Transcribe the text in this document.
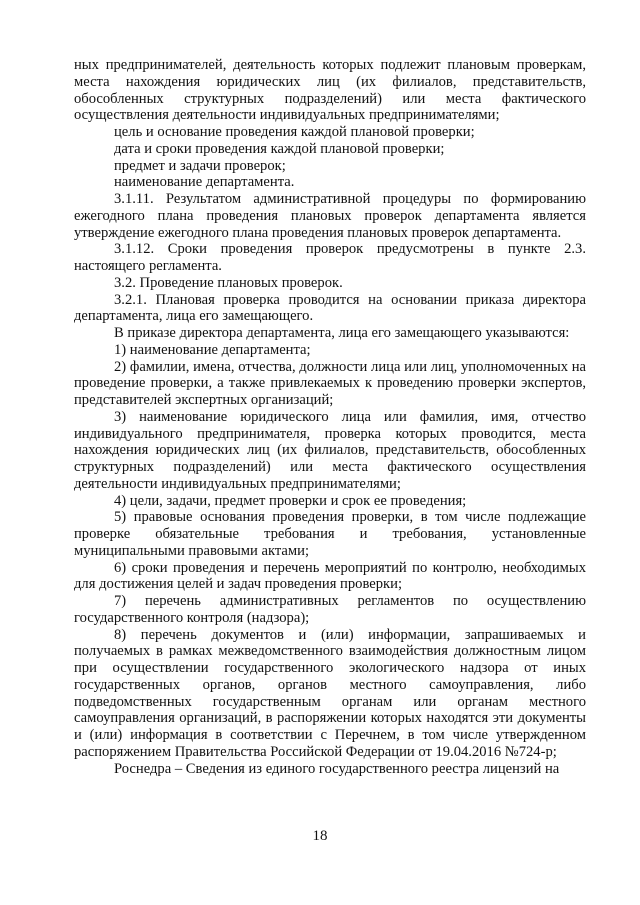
ных предпринимателей, деятельность которых подлежит плановым проверкам, места нахождения юридических лиц (их филиалов, представительств, обособленных структурных подразделений) или места фактического осуществления деятельности индивидуальных предпринимателями;

цель и основание проведения каждой плановой проверки;

дата и сроки проведения каждой плановой проверки;

предмет и задачи проверок;

наименование департамента.

3.1.11. Результатом административной процедуры по формированию ежегодного плана проведения плановых проверок департамента является утверждение ежегодного плана проведения плановых проверок департамента.

3.1.12. Сроки проведения проверок предусмотрены в пункте 2.3. настоящего регламента.

3.2. Проведение плановых проверок.

3.2.1. Плановая проверка проводится на основании приказа директора департамента, лица его замещающего.

В приказе директора департамента, лица его замещающего указываются:

1) наименование департамента;

2) фамилии, имена, отчества, должности лица или лиц, уполномоченных на проведение проверки, а также привлекаемых к проведению проверки экспертов, представителей экспертных организаций;

3) наименование юридического лица или фамилия, имя, отчество индивидуального предпринимателя, проверка которых проводится, места нахождения юридических лиц (их филиалов, представительств, обособленных структурных подразделений) или места фактического осуществления деятельности индивидуальных предпринимателями;

4) цели, задачи, предмет проверки и срок ее проведения;

5) правовые основания проведения проверки, в том числе подлежащие проверке обязательные требования и требования, установленные муниципальными правовыми актами;

6) сроки проведения и перечень мероприятий по контролю, необходимых для достижения целей и задач проведения проверки;

7) перечень административных регламентов по осуществлению государственного контроля (надзора);

8) перечень документов и (или) информации, запрашиваемых и получаемых в рамках межведомственного взаимодействия должностным лицом при осуществлении государственного экологического надзора от иных государственных органов, органов местного самоуправления, либо подведомственных государственным органам или органам местного самоуправления организаций, в распоряжении которых находятся эти документы и (или) информация в соответствии с Перечнем, в том числе утвержденном распоряжением Правительства Российской Федерации от 19.04.2016 №724-р;

Роснедра – Сведения из единого государственного реестра лицензий на

18
